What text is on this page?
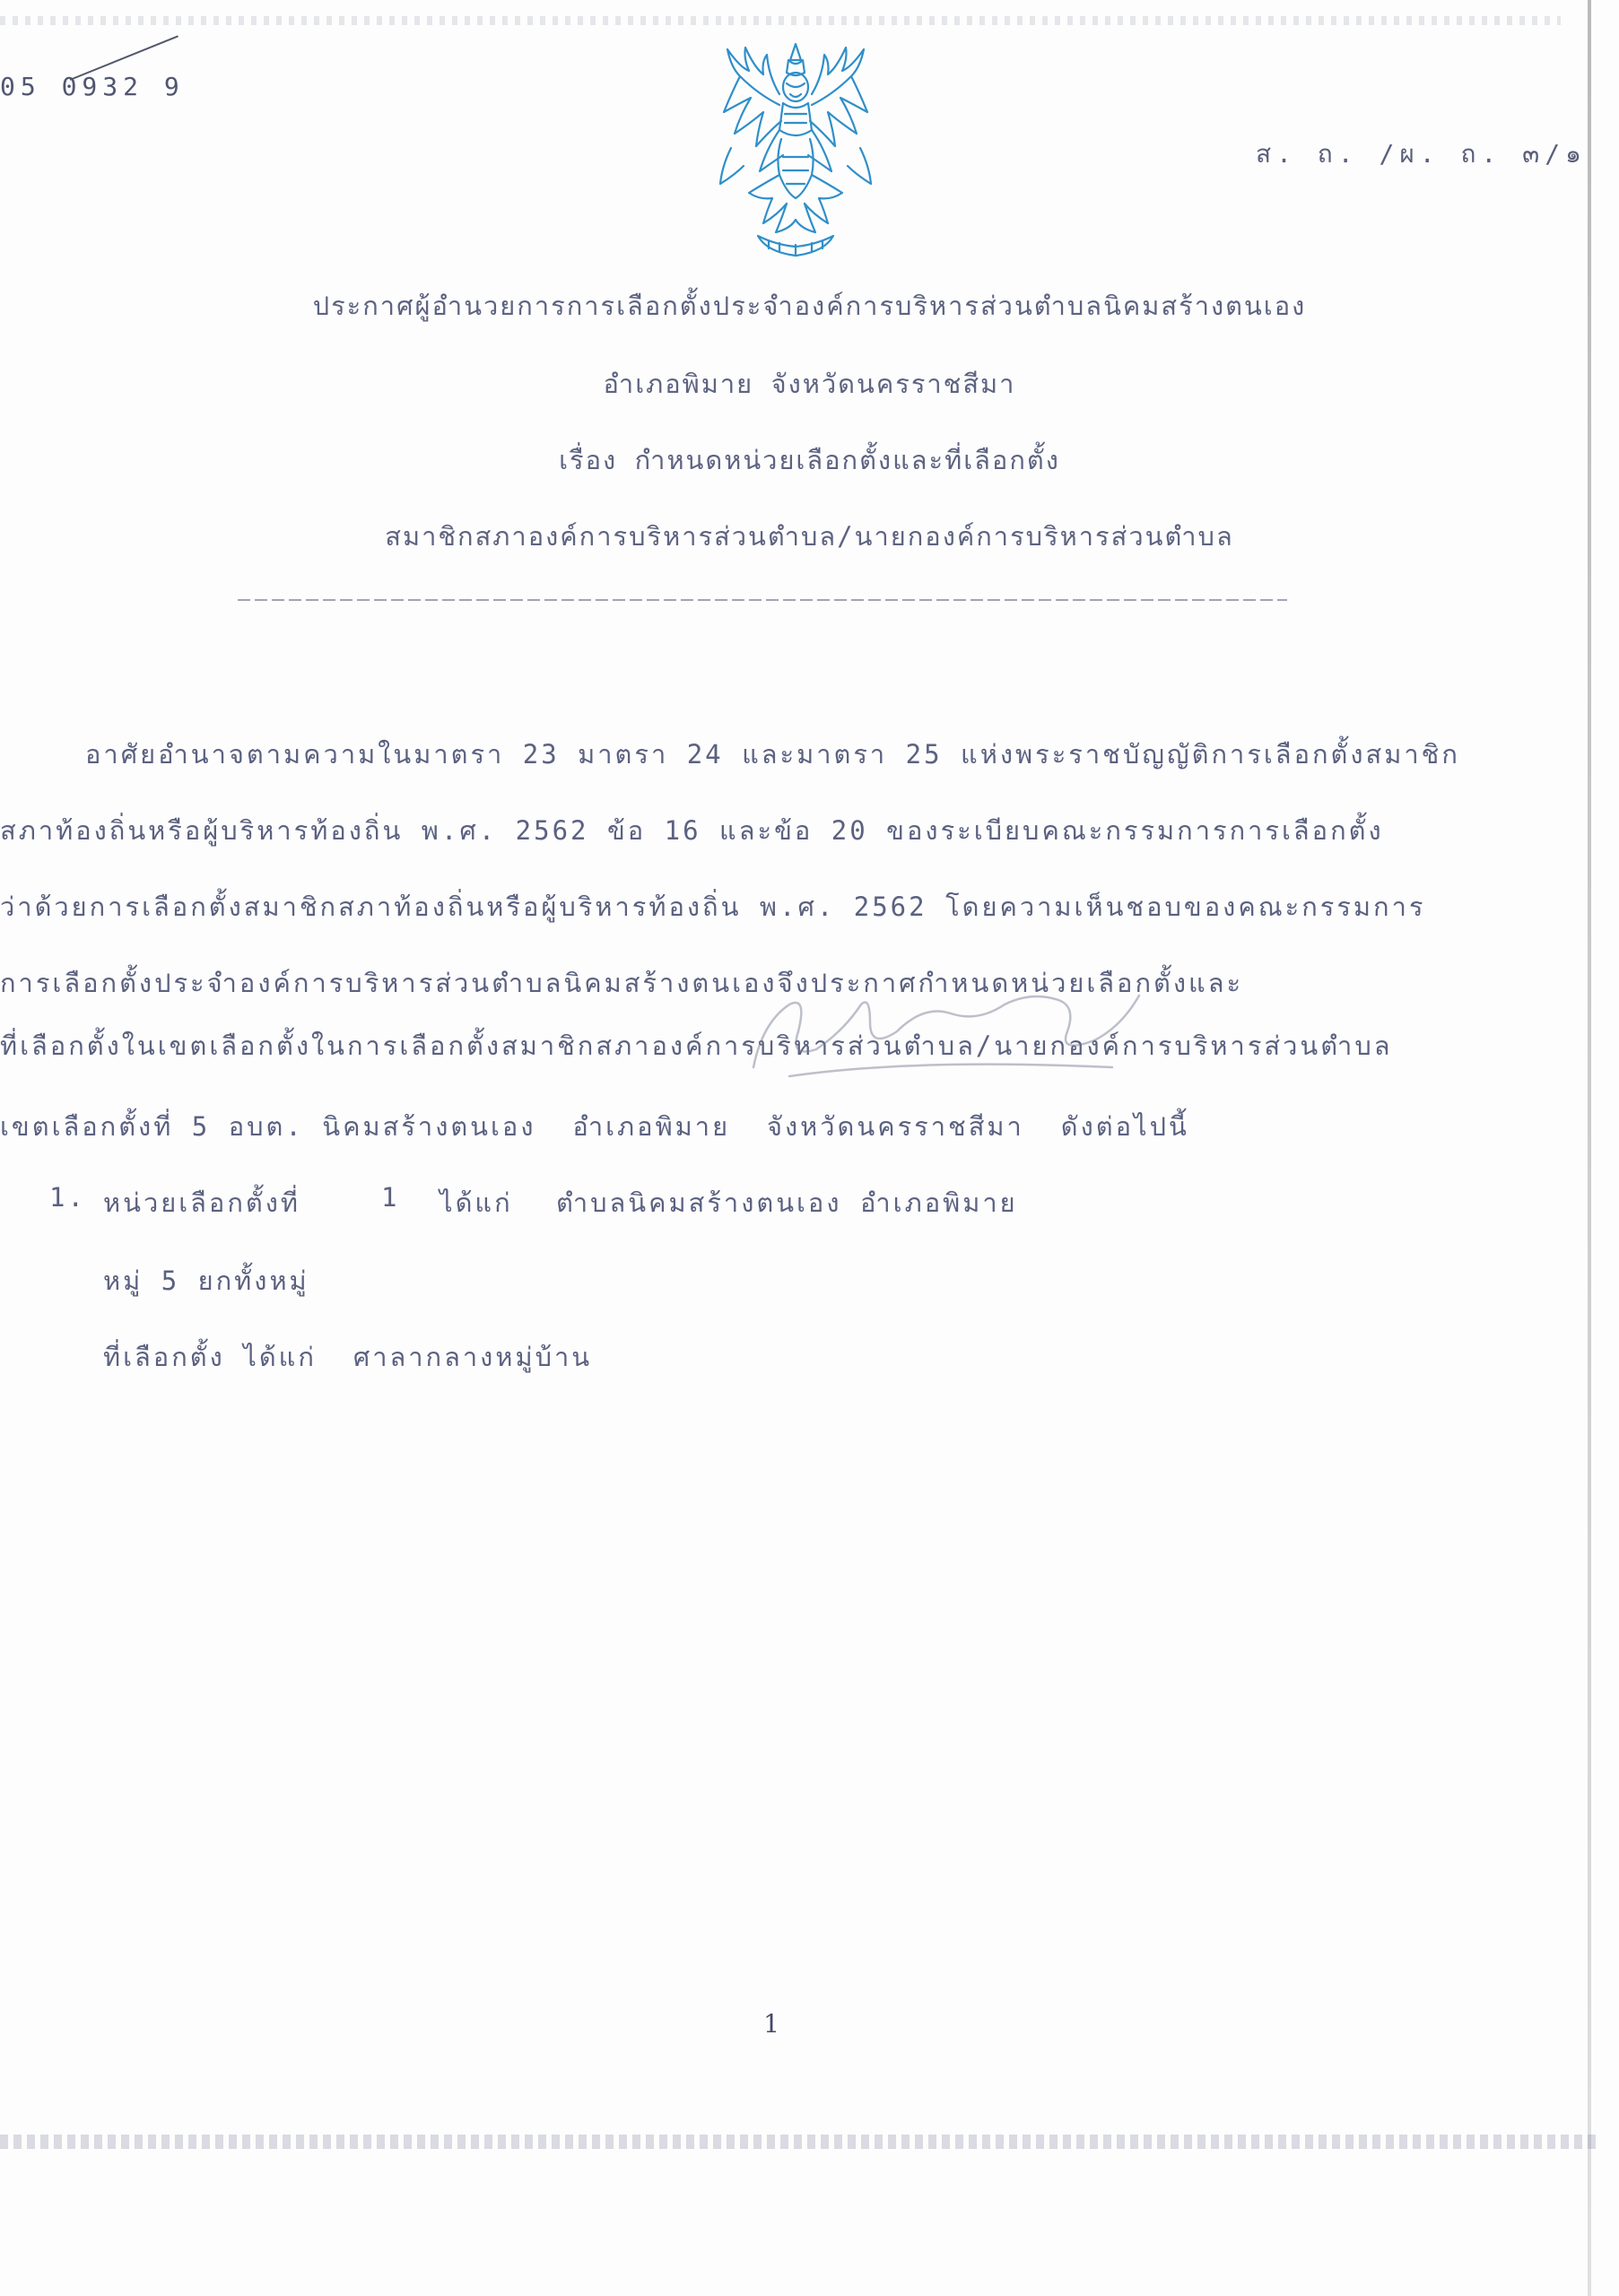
05 0932 9
ส. ถ. /ผ. ถ. ๓/๑
ประกาศผู้อำนวยการการเลือกตั้งประจำองค์การบริหารส่วนตำบลนิคมสร้างตนเอง
อำเภอพิมาย จังหวัดนครราชสีมา
เรื่อง กำหนดหน่วยเลือกตั้งและที่เลือกตั้ง
สมาชิกสภาองค์การบริหารส่วนตำบล/นายกองค์การบริหารส่วนตำบล
อาศัยอำนาจตามความในมาตรา 23 มาตรา 24 และมาตรา 25 แห่งพระราชบัญญัติการเลือกตั้งสมาชิก
สภาท้องถิ่นหรือผู้บริหารท้องถิ่น พ.ศ. 2562 ข้อ 16 และข้อ 20 ของระเบียบคณะกรรมการการเลือกตั้ง
ว่าด้วยการเลือกตั้งสมาชิกสภาท้องถิ่นหรือผู้บริหารท้องถิ่น พ.ศ. 2562 โดยความเห็นชอบของคณะกรรมการ
การเลือกตั้งประจำองค์การบริหารส่วนตำบลนิคมสร้างตนเองจึงประกาศกำหนดหน่วยเลือกตั้งและ
ที่เลือกตั้งในเขตเลือกตั้งในการเลือกตั้งสมาชิกสภาองค์การบริหารส่วนตำบล/นายกองค์การบริหารส่วนตำบล
เขตเลือกตั้งที่ 5 อบต. นิคมสร้างตนเอง  อำเภอพิมาย  จังหวัดนครราชสีมา  ดังต่อไปนี้
1. หน่วยเลือกตั้งที่	1 ได้แก่ ตำบลนิคมสร้างตนเอง อำเภอพิมาย
หมู่ 5 ยกทั้งหมู่
ที่เลือกตั้ง ได้แก่  ศาลากลางหมู่บ้าน
1
